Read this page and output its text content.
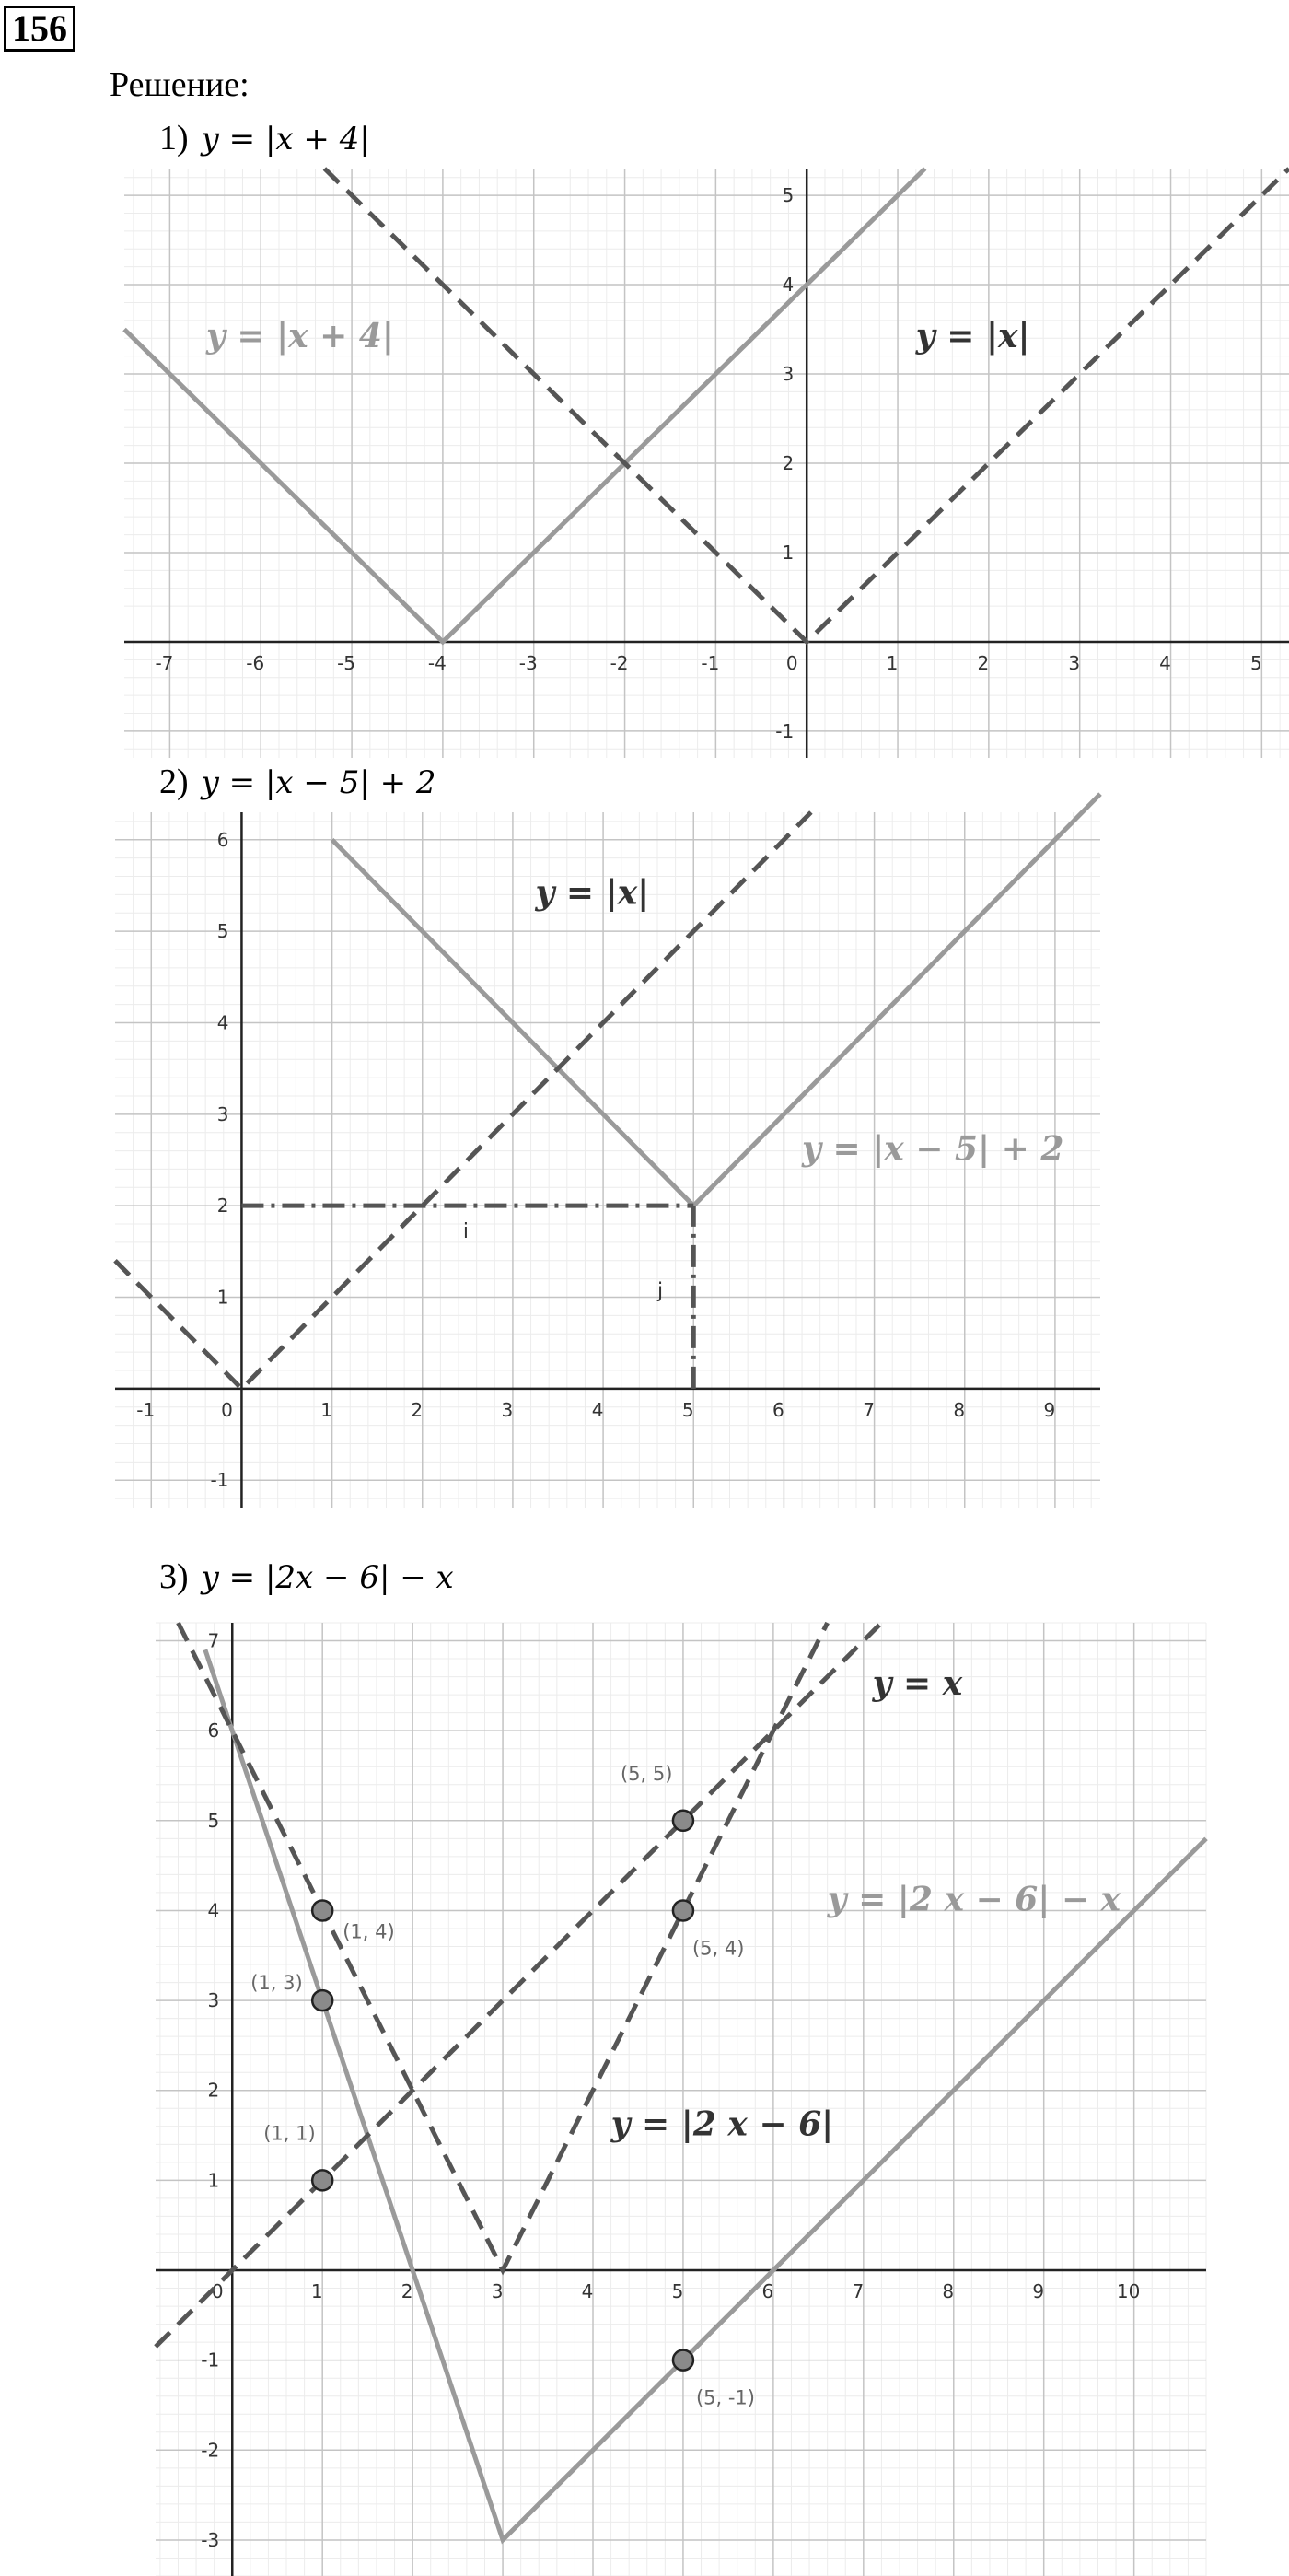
156
Решение:
1) y = |x + 4|
-7	-6	-5	-4	-3	-2	-1	0	1	2	3	4	5
-1
1
2
3
4
5
y = |x + 4|	y = |x|
2) y = |x − 5| + 2
-1	0	1	2	3	4	5	6	7	8	9
-1
1
2
3
4
5
6
y = |x|
y = |x − 5| + 2
i
j
3) y = |2x − 6| − x
0	1	2	3	4	5	6	7	8	9	10
-3
-2
-1
1
2
3
4
5
6
7
(1, 4)
(1, 3)
(1, 1)
(5, 5)
(5, 4)
(5, -1)
y = x
y = |2 x − 6| − x
y = |2 x − 6|
